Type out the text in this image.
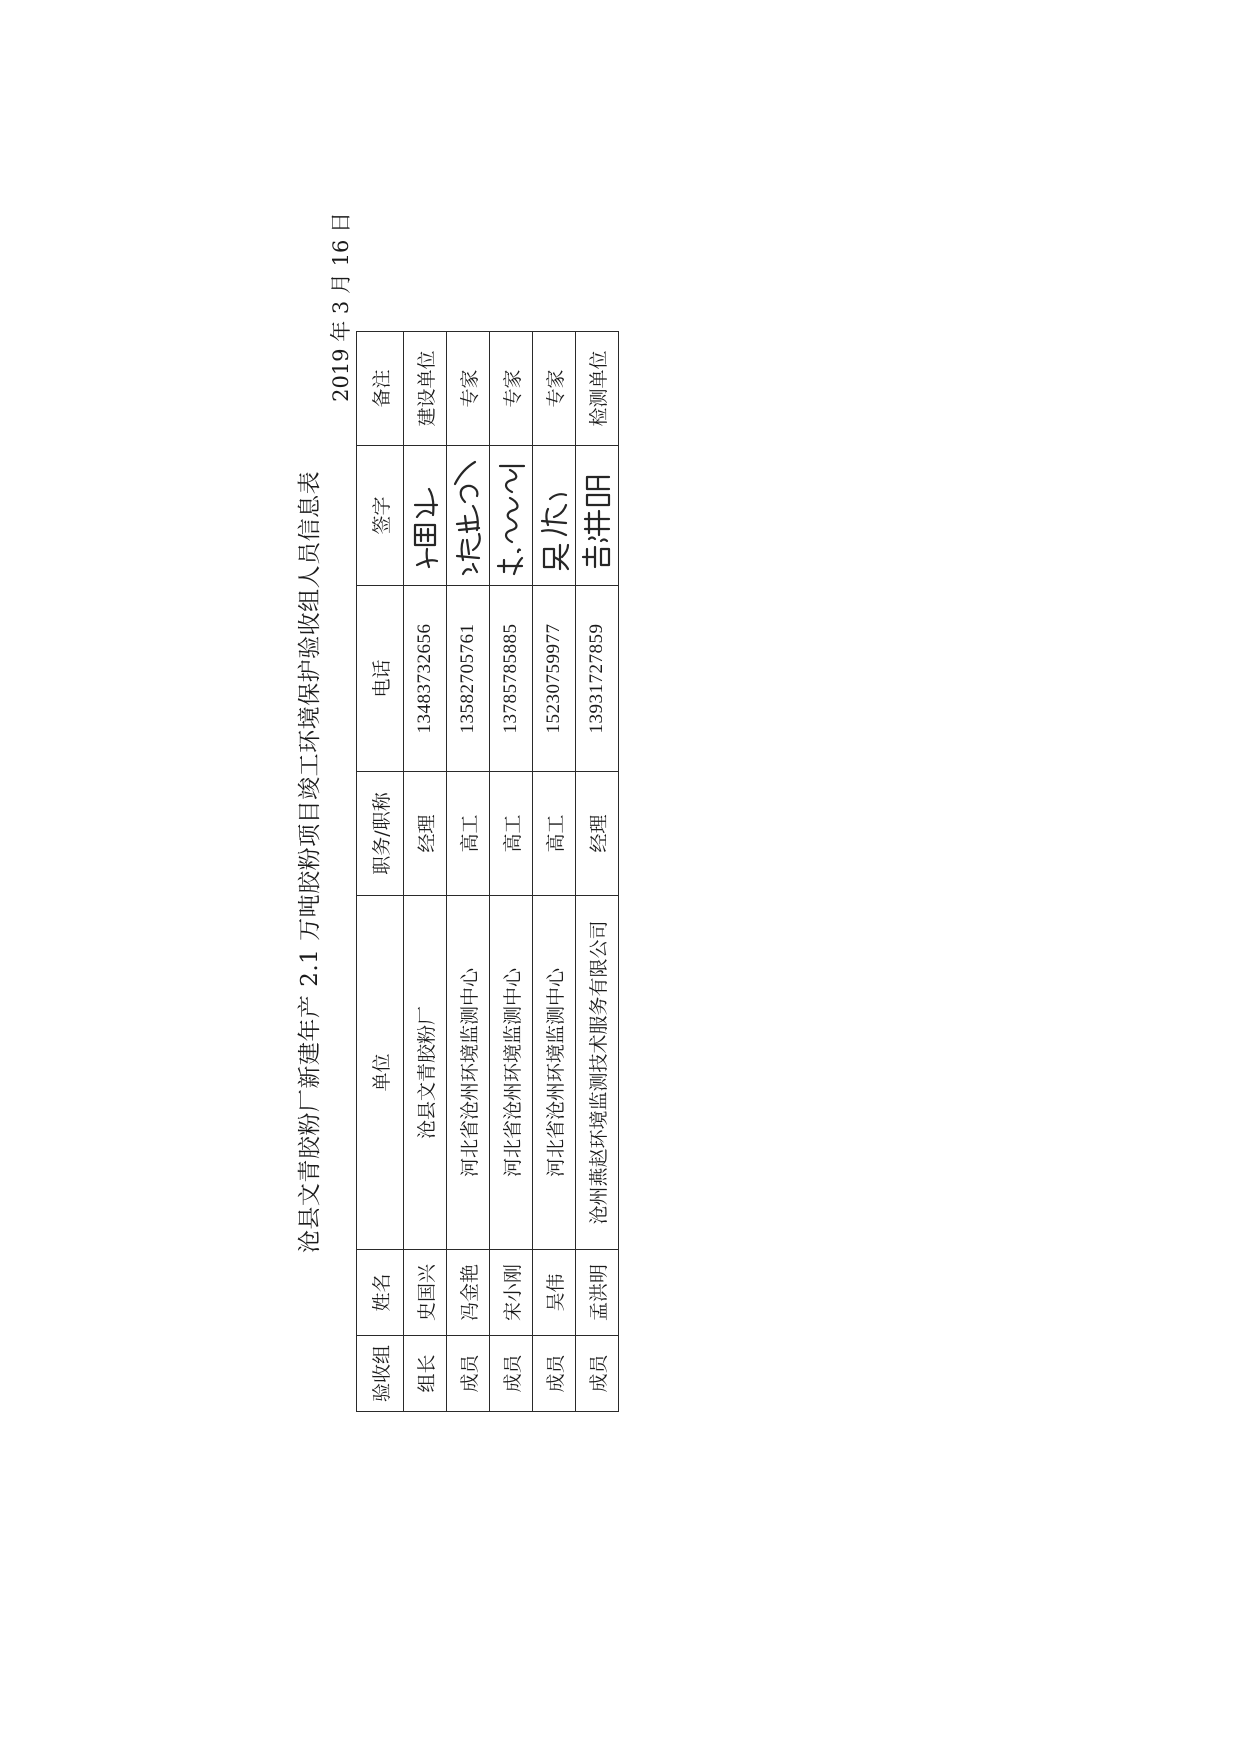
沧县文青胶粉厂新建年产 2.1 万吨胶粉项目竣工环境保护验收组人员信息表
2019 年 3 月 16 日
验收组	姓名	单位	职务/职称	电话	签字	备注
组长	史国兴	沧县文青胶粉厂	经理	13483732656		建设单位
成员	冯金艳	河北省沧州环境监测中心	高工	13582705761		专家
成员	宋小刚	河北省沧州环境监测中心	高工	13785785885		专家
成员	吴伟	河北省沧州环境监测中心	高工	15230759977		专家
成员	孟洪明	沧州燕赵环境监测技术服务有限公司	经理	13931727859		检测单位
